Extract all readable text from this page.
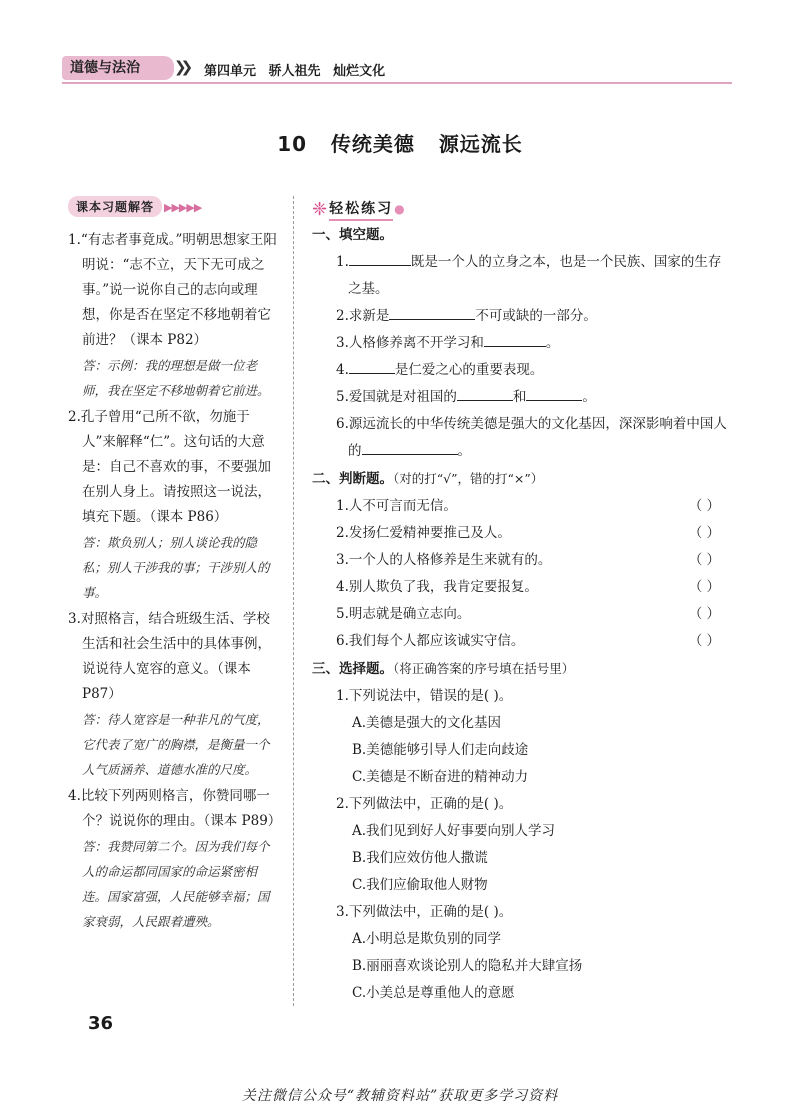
道德与法治	❯❯ 第四单元 骄人祖先 灿烂文化
10 传统美德 源远流长
课本习题解答 ▶▶▶▶▶

1.“有志者事竟成。”明朝思想家王阳明说：“志不立，天下无可成之事。”说一说你自己的志向或理想，你是否在坚定不移地朝着它前进？（课本 P82）

答：示例：我的理想是做一位老师，我在坚定不移地朝着它前进。

2.孔子曾用“己所不欲，勿施于人”来解释“仁”。这句话的大意是：自己不喜欢的事，不要强加在别人身上。请按照这一说法，填充下题。（课本 P86）

答：欺负别人；别人谈论我的隐私；别人干涉我的事；干涉别人的事。

3.对照格言，结合班级生活、学校生活和社会生活中的具体事例，说说待人宽容的意义。（课本 P87）

答：待人宽容是一种非凡的气度，它代表了宽广的胸襟，是衡量一个人气质涵养、道德水准的尺度。

4.比较下列两则格言，你赞同哪一个？说说你的理由。（课本 P89）

答：我赞同第二个。因为我们每个人的命运都同国家的命运紧密相连。国家富强，人民能够幸福；国家衰弱，人民跟着遭殃。

❈ 轻松练习 ●

一、填空题。

1.	既是一个人的立身之本，也是一个民族、国家的生存之基。

2.求新是	不可或缺的一部分。

3.人格修养离不开学习和	。

4.	是仁爱之心的重要表现。

5.爱国就是对祖国的	和	。

6.源远流长的中华传统美德是强大的文化基因，深深影响着中国人的	。

二、判断题。（对的打“√”，错的打“×”）

1.人不可言而无信。	（ ）

2.发扬仁爱精神要推己及人。	（ ）

3.一个人的人格修养是生来就有的。	（ ）

4.别人欺负了我，我肯定要报复。	（ ）

5.明志就是确立志向。	（ ）

6.我们每个人都应该诚实守信。	（ ）

三、选择题。（将正确答案的序号填在括号里）

1.下列说法中，错误的是( )。

A.美德是强大的文化基因

B.美德能够引导人们走向歧途

C.美德是不断奋进的精神动力

2.下列做法中，正确的是( )。

A.我们见到好人好事要向别人学习

B.我们应效仿他人撒谎

C.我们应偷取他人财物

3.下列做法中，正确的是( )。

A.小明总是欺负别的同学

B.丽丽喜欢谈论别人的隐私并大肆宣扬

C.小美总是尊重他人的意愿

36
关注微信公众号“教辅资料站”获取更多学习资料
